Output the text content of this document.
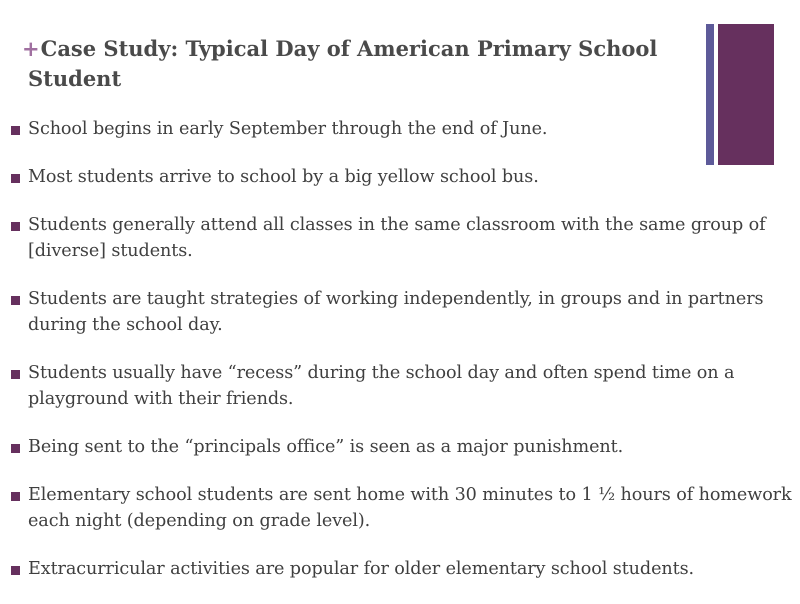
+Case Study: Typical Day of American Primary School Student
School begins in early September through the end of June.
Most students arrive to school by a big yellow school bus.
Students generally attend all classes in the same classroom with the same group of [diverse] students.
Students are taught strategies of working independently, in groups and in partners during the school day.
Students usually have “recess” during the school day and often spend time on a playground with their friends.
Being sent to the “principals office” is seen as a major punishment.
Elementary school students are sent home with 30 minutes to 1 ½ hours of homework each night (depending on grade level).
Extracurricular activities are popular for older elementary school students.
